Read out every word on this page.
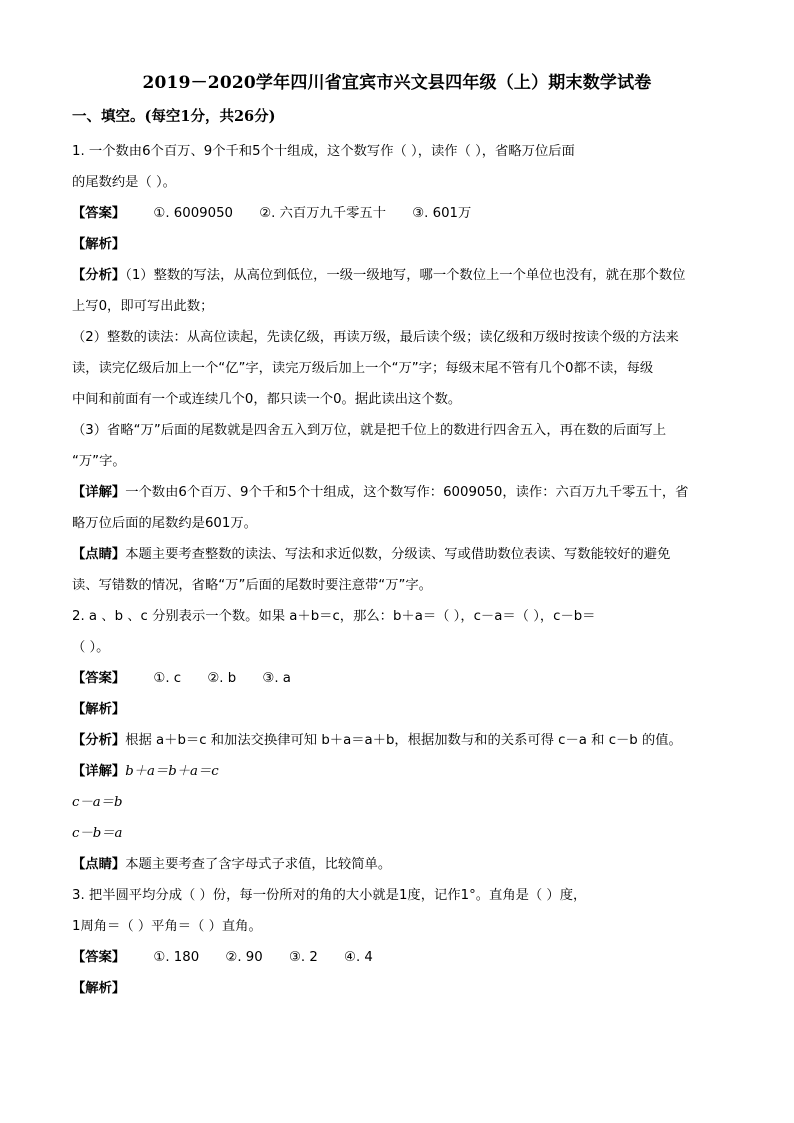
2019－2020学年四川省宜宾市兴文县四年级（上）期末数学试卷
一、填空。(每空1分，共26分)
1. 一个数由6个百万、9个千和5个十组成，这个数写作（ ），读作（ ），省略万位后面
的尾数约是（ ）。
【答案】 ①. 6009050 ②. 六百万九千零五十 ③. 601万
【解析】
【分析】（1）整数的写法，从高位到低位，一级一级地写，哪一个数位上一个单位也没有，就在那个数位
上写0，即可写出此数；
（2）整数的读法：从高位读起，先读亿级，再读万级，最后读个级；读亿级和万级时按读个级的方法来
读，读完亿级后加上一个“亿”字，读完万级后加上一个“万”字；每级末尾不管有几个0都不读，每级
中间和前面有一个或连续几个0，都只读一个0。据此读出这个数。
（3）省略“万”后面的尾数就是四舍五入到万位，就是把千位上的数进行四舍五入，再在数的后面写上
“万”字。
【详解】一个数由6个百万、9个千和5个十组成，这个数写作：6009050，读作：六百万九千零五十，省
略万位后面的尾数约是601万。
【点睛】本题主要考查整数的读法、写法和求近似数，分级读、写或借助数位表读、写数能较好的避免
读、写错数的情况，省略“万”后面的尾数时要注意带“万”字。
2. a 、b 、c 分别表示一个数。如果 a＋b＝c，那么：b＋a＝（ ），c－a＝（ ），c－b＝
（ ）。
【答案】 ①. c ②. b ③. a
【解析】
【分析】根据 a＋b＝c 和加法交换律可知 b＋a＝a＋b，根据加数与和的关系可得 c－a 和 c－b 的值。
【详解】b＋a＝b＋a＝c
c－a＝b
c－b＝a
【点睛】本题主要考查了含字母式子求值，比较简单。
3. 把半圆平均分成（ ）份，每一份所对的角的大小就是1度，记作1°。直角是（ ）度，
1周角＝（ ）平角＝（ ）直角。
【答案】 ①. 180 ②. 90 ③. 2 ④. 4
【解析】
